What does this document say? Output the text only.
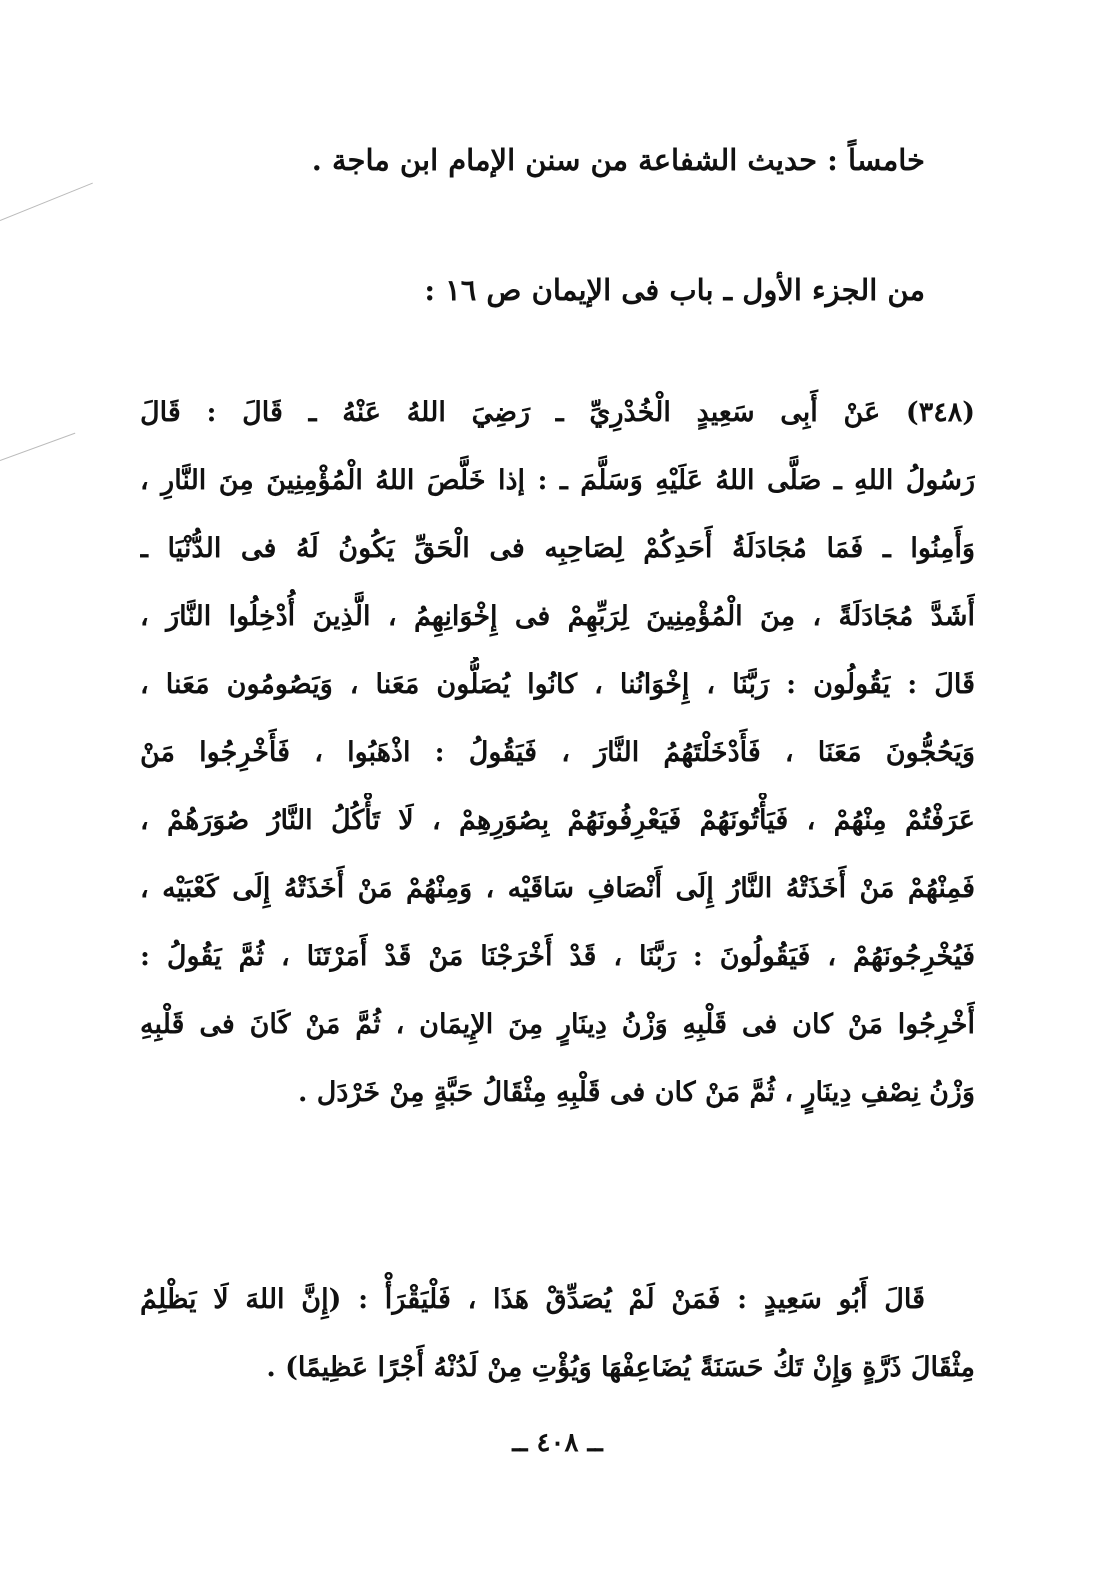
خامساً : حديث الشفاعة من سنن الإمام ابن ماجة .
من الجزء الأول ـ باب فى الإيمان ص ١٦ :
(٣٤٨) عَنْ أَبِى سَعِيدٍ الْخُدْرِيِّ ـ رَضِيَ اللهُ عَنْهُ ـ قَالَ : قَالَ
رَسُولُ اللهِ ـ صَلَّى اللهُ عَلَيْهِ وَسَلَّمَ ـ : إذا خَلَّصَ اللهُ الْمُؤْمِنِينَ مِنَ النَّارِ ،
وَأَمِنُوا ـ فَمَا مُجَادَلَةُ أَحَدِكُمْ لِصَاحِبِه فى الْحَقِّ يَكُونُ لَهُ فى الدُّنْيَا ـ
أَشَدَّ مُجَادَلَةً ، مِنَ الْمُؤْمِنِينَ لِرَبِّهِمْ فى إِخْوَانِهِمُ ، الَّذِينَ أُدْخِلُوا النَّارَ ،
قَالَ : يَقُولُون : رَبَّنَا ، إِخْوَانُنا ، كانُوا يُصَلُّون مَعَنا ، وَيَصُومُون مَعَنا ،
وَيَحُجُّونَ مَعَنَا ، فَأَدْخَلْتَهُمُ النَّارَ ، فَيَقُولُ : اذْهَبُوا ، فَأَخْرِجُوا مَنْ
عَرَفْتُمْ مِنْهُمْ ، فَيَأْتُونَهُمْ فَيَعْرِفُونَهُمْ بِصُوَرِهِمْ ، لَا تَأْكُلُ النَّارُ صُوَرَهُمْ ،
فَمِنْهُمْ مَنْ أَخَذَتْهُ النَّارُ إِلَى أَنْصَافِ سَاقَيْه ، وَمِنْهُمْ مَنْ أَخَذَتْهُ إِلَى كَعْبَيْه ،
فَيُخْرِجُونَهُمْ ، فَيَقُولُونَ : رَبَّنَا ، قَدْ أَخْرَجْنَا مَنْ قَدْ أَمَرْتَنَا ، ثُمَّ يَقُولُ :
أَخْرِجُوا مَنْ كان فى قَلْبِهِ وَزْنُ دِينَارٍ مِنَ الإِيمَان ، ثُمَّ مَنْ كَانَ فى قَلْبِهِ
وَزْنُ نِصْفِ دِينَارٍ ، ثُمَّ مَنْ كان فى قَلْبِهِ مِثْقَالُ حَبَّةٍ مِنْ خَرْدَل .
قَالَ أَبُو سَعِيدٍ : فَمَنْ لَمْ يُصَدِّقْ هَذَا ، فَلْيَقْرَأْ : (إِنَّ اللهَ لَا يَظْلِمُ
مِثْقَالَ ذَرَّةٍ وَإِنْ تَكُ حَسَنَةً يُضَاعِفْهَا وَيُؤْتِ مِنْ لَدُنْهُ أَجْرًا عَظِيمًا) .
ــ ٤٠٨ ــ
